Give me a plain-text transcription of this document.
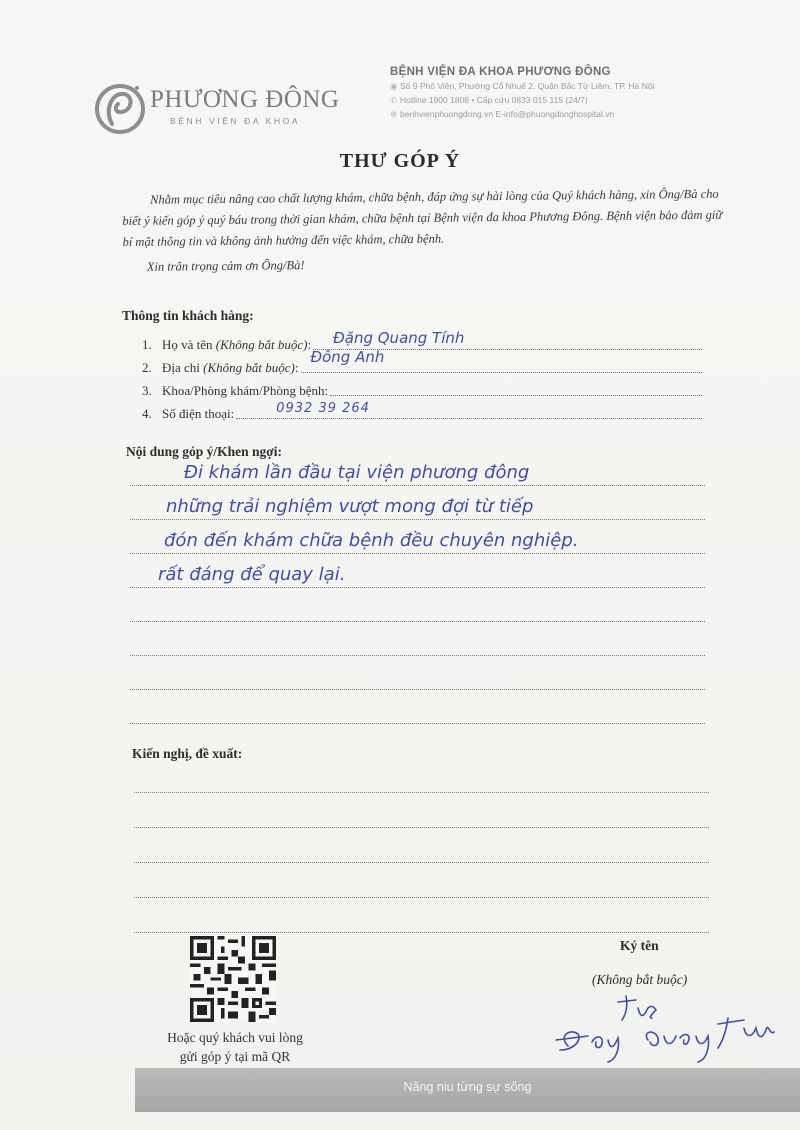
PHƯƠNG ĐÔNG
BỆNH VIỆN ĐA KHOA
BỆNH VIỆN ĐA KHOA PHƯƠNG ĐÔNG
◉ Số 9 Phố Viên, Phường Cổ Nhuế 2, Quận Bắc Từ Liêm, TP. Hà Nội
✆ Hotline 1900 1806 • Cấp cứu 0833 015 115 (24/7)
⊕ benhvienphuongdong.vn E-info@phuongdonghospital.vn
THƯ GÓP Ý

Nhằm mục tiêu nâng cao chất lượng khám, chữa bệnh, đáp ứng sự hài lòng của Quý khách hàng, xin Ông/Bà cho biết ý kiến góp ý quý báu trong thời gian khám, chữa bệnh tại Bệnh viện đa khoa Phương Đông. Bệnh viện bảo đảm giữ bí mật thông tin và không ảnh hưởng đến việc khám, chữa bệnh.

Xin trân trọng cảm ơn Ông/Bà!

Thông tin khách hàng:
1. Họ và tên (Không bắt buộc): Đặng Quang Tính
2. Địa chỉ (Không bắt buộc):
Đông Anh
3. Khoa/Phòng khám/Phòng bệnh:
4. Số điện thoại:	0932 39 264
Nội dung góp ý/Khen ngợi:
Đi khám lần đầu tại viện phương đông
những trải nghiệm vượt mong đợi từ tiếp
đón đến khám chữa bệnh đều chuyên nghiệp.
rất đáng để quay lại.
Kiến nghị, đề xuất:
Hoặc quý khách vui lòng
gửi góp ý tại mã QR
Ký tên
(Không bắt buộc)
Nâng niu từng sự sống
